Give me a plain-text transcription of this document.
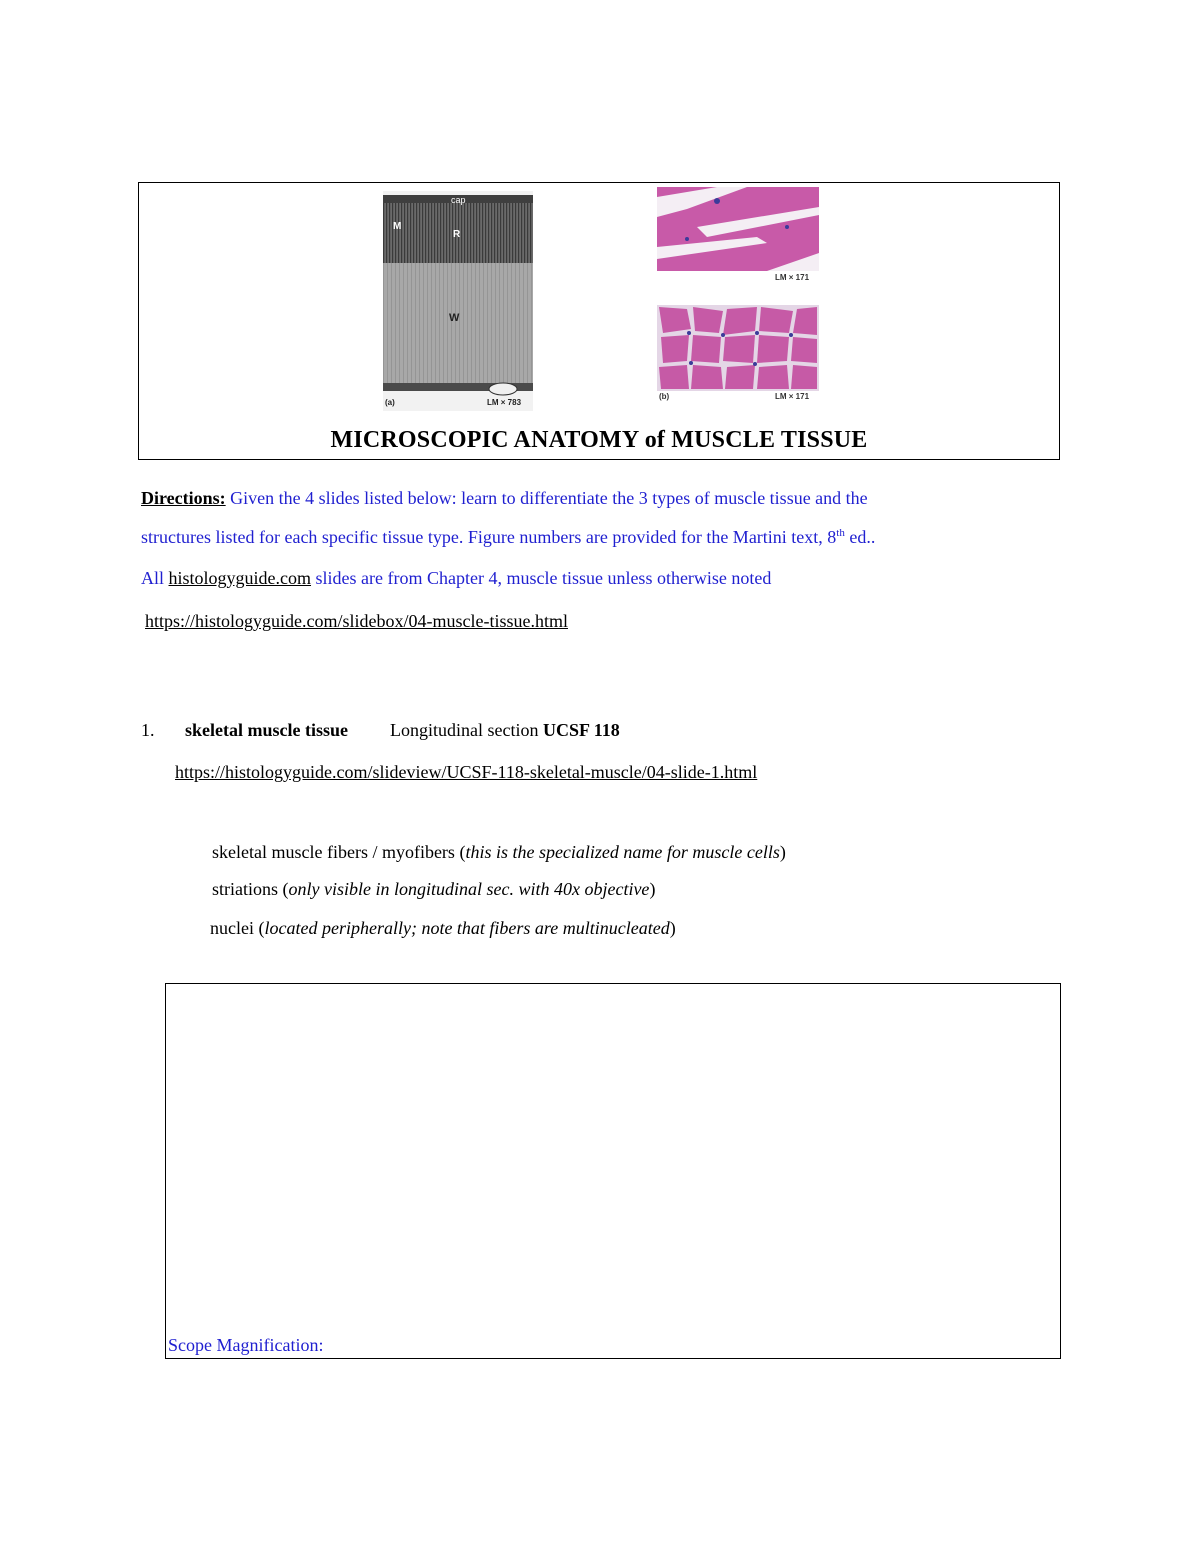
cap
M
R
W
(a)	LM × 783
LM × 171
(b)	LM × 171
MICROSCOPIC ANATOMY of MUSCLE TISSUE
Directions: Given the 4 slides listed below: learn to differentiate the 3 types of muscle tissue and the
structures listed for each specific tissue type. Figure numbers are provided for the Martini text, 8th ed..
All histologyguide.com slides are from Chapter 4, muscle tissue unless otherwise noted
https://histologyguide.com/slidebox/04-muscle-tissue.html
1. skeletal muscle tissue Longitudinal section UCSF 118
https://histologyguide.com/slideview/UCSF-118-skeletal-muscle/04-slide-1.html
skeletal muscle fibers / myofibers (this is the specialized name for muscle cells)
striations (only visible in longitudinal sec. with 40x objective)
nuclei (located peripherally; note that fibers are multinucleated)
Scope Magnification:
